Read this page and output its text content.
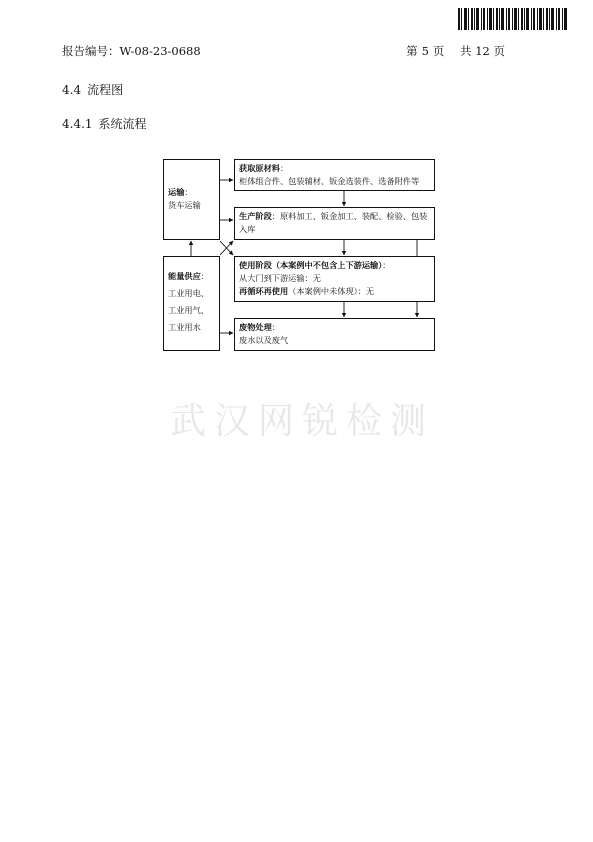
报告编号：W-08-23-0688	第 5 页 共 12 页
4.4 流程图
4.4.1 系统流程
运输：
货车运输
能量供应：
工业用电、
工业用气、
工业用水
获取原材料：
柜体组合件、包装辅材、钣金选装件、选备附件等
生产阶段：原料加工、钣金加工、装配、检验、包装入库
使用阶段（本案例中不包含上下游运输）：
从大门到下游运输：无
再循环再使用（本案例中未体现）：无
废物处理：
废水以及废气
武汉网锐检测
